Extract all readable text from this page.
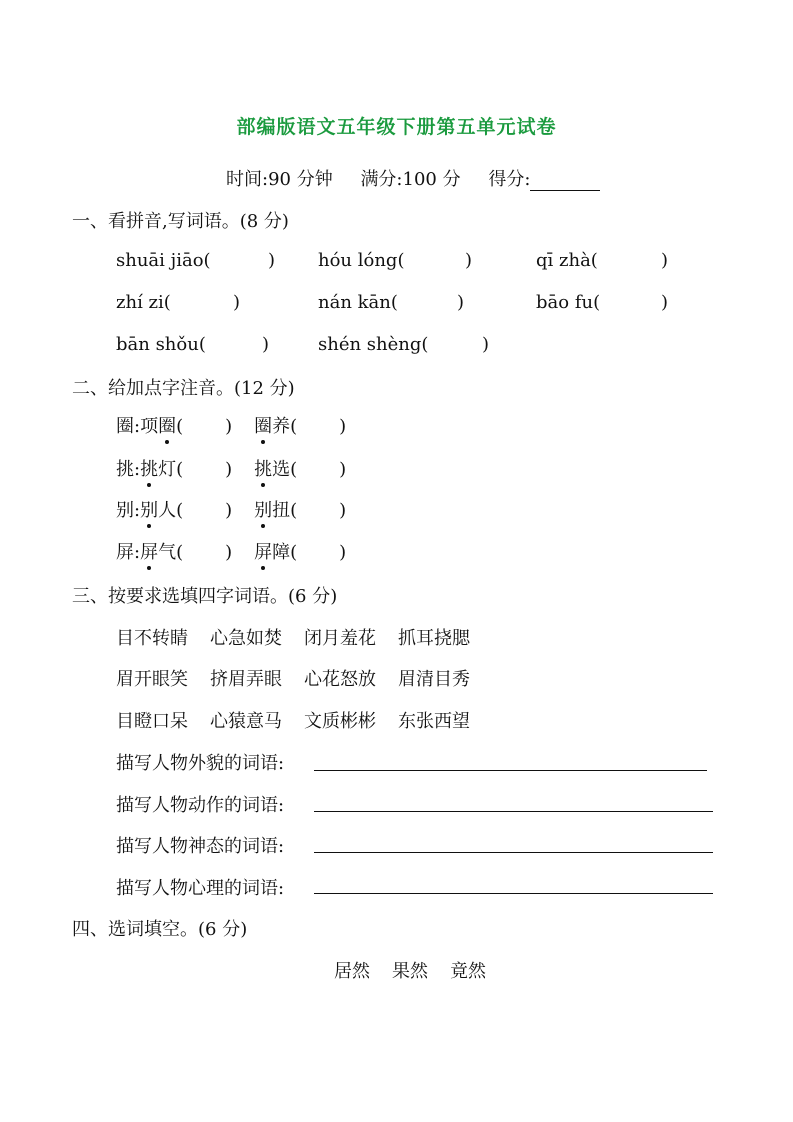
部编版语文五年级下册第五单元试卷
时间:90 分钟 满分:100 分 得分:
一、看拼音,写词语。(8 分)
shuāi jiāo(	) hóu lóng(	)	qī zhà(	)
zhí zi(	)	nán kān(	)	bāo fu(	)
bān shǒu(	)	shén shèng(	)
二、给加点字注音。(12 分)
圈:项圈( ) 圈养( )
挑:挑灯( ) 挑选( )
别:别人( ) 别扭( )
屏:屏气( ) 屏障( )
三、按要求选填四字词语。(6 分)
目不转睛 心急如焚 闭月羞花 抓耳挠腮
眉开眼笑 挤眉弄眼 心花怒放 眉清目秀
目瞪口呆 心猿意马 文质彬彬 东张西望
描写人物外貌的词语:
描写人物动作的词语:
描写人物神态的词语:
描写人物心理的词语:
四、选词填空。(6 分)
居然 果然 竟然
